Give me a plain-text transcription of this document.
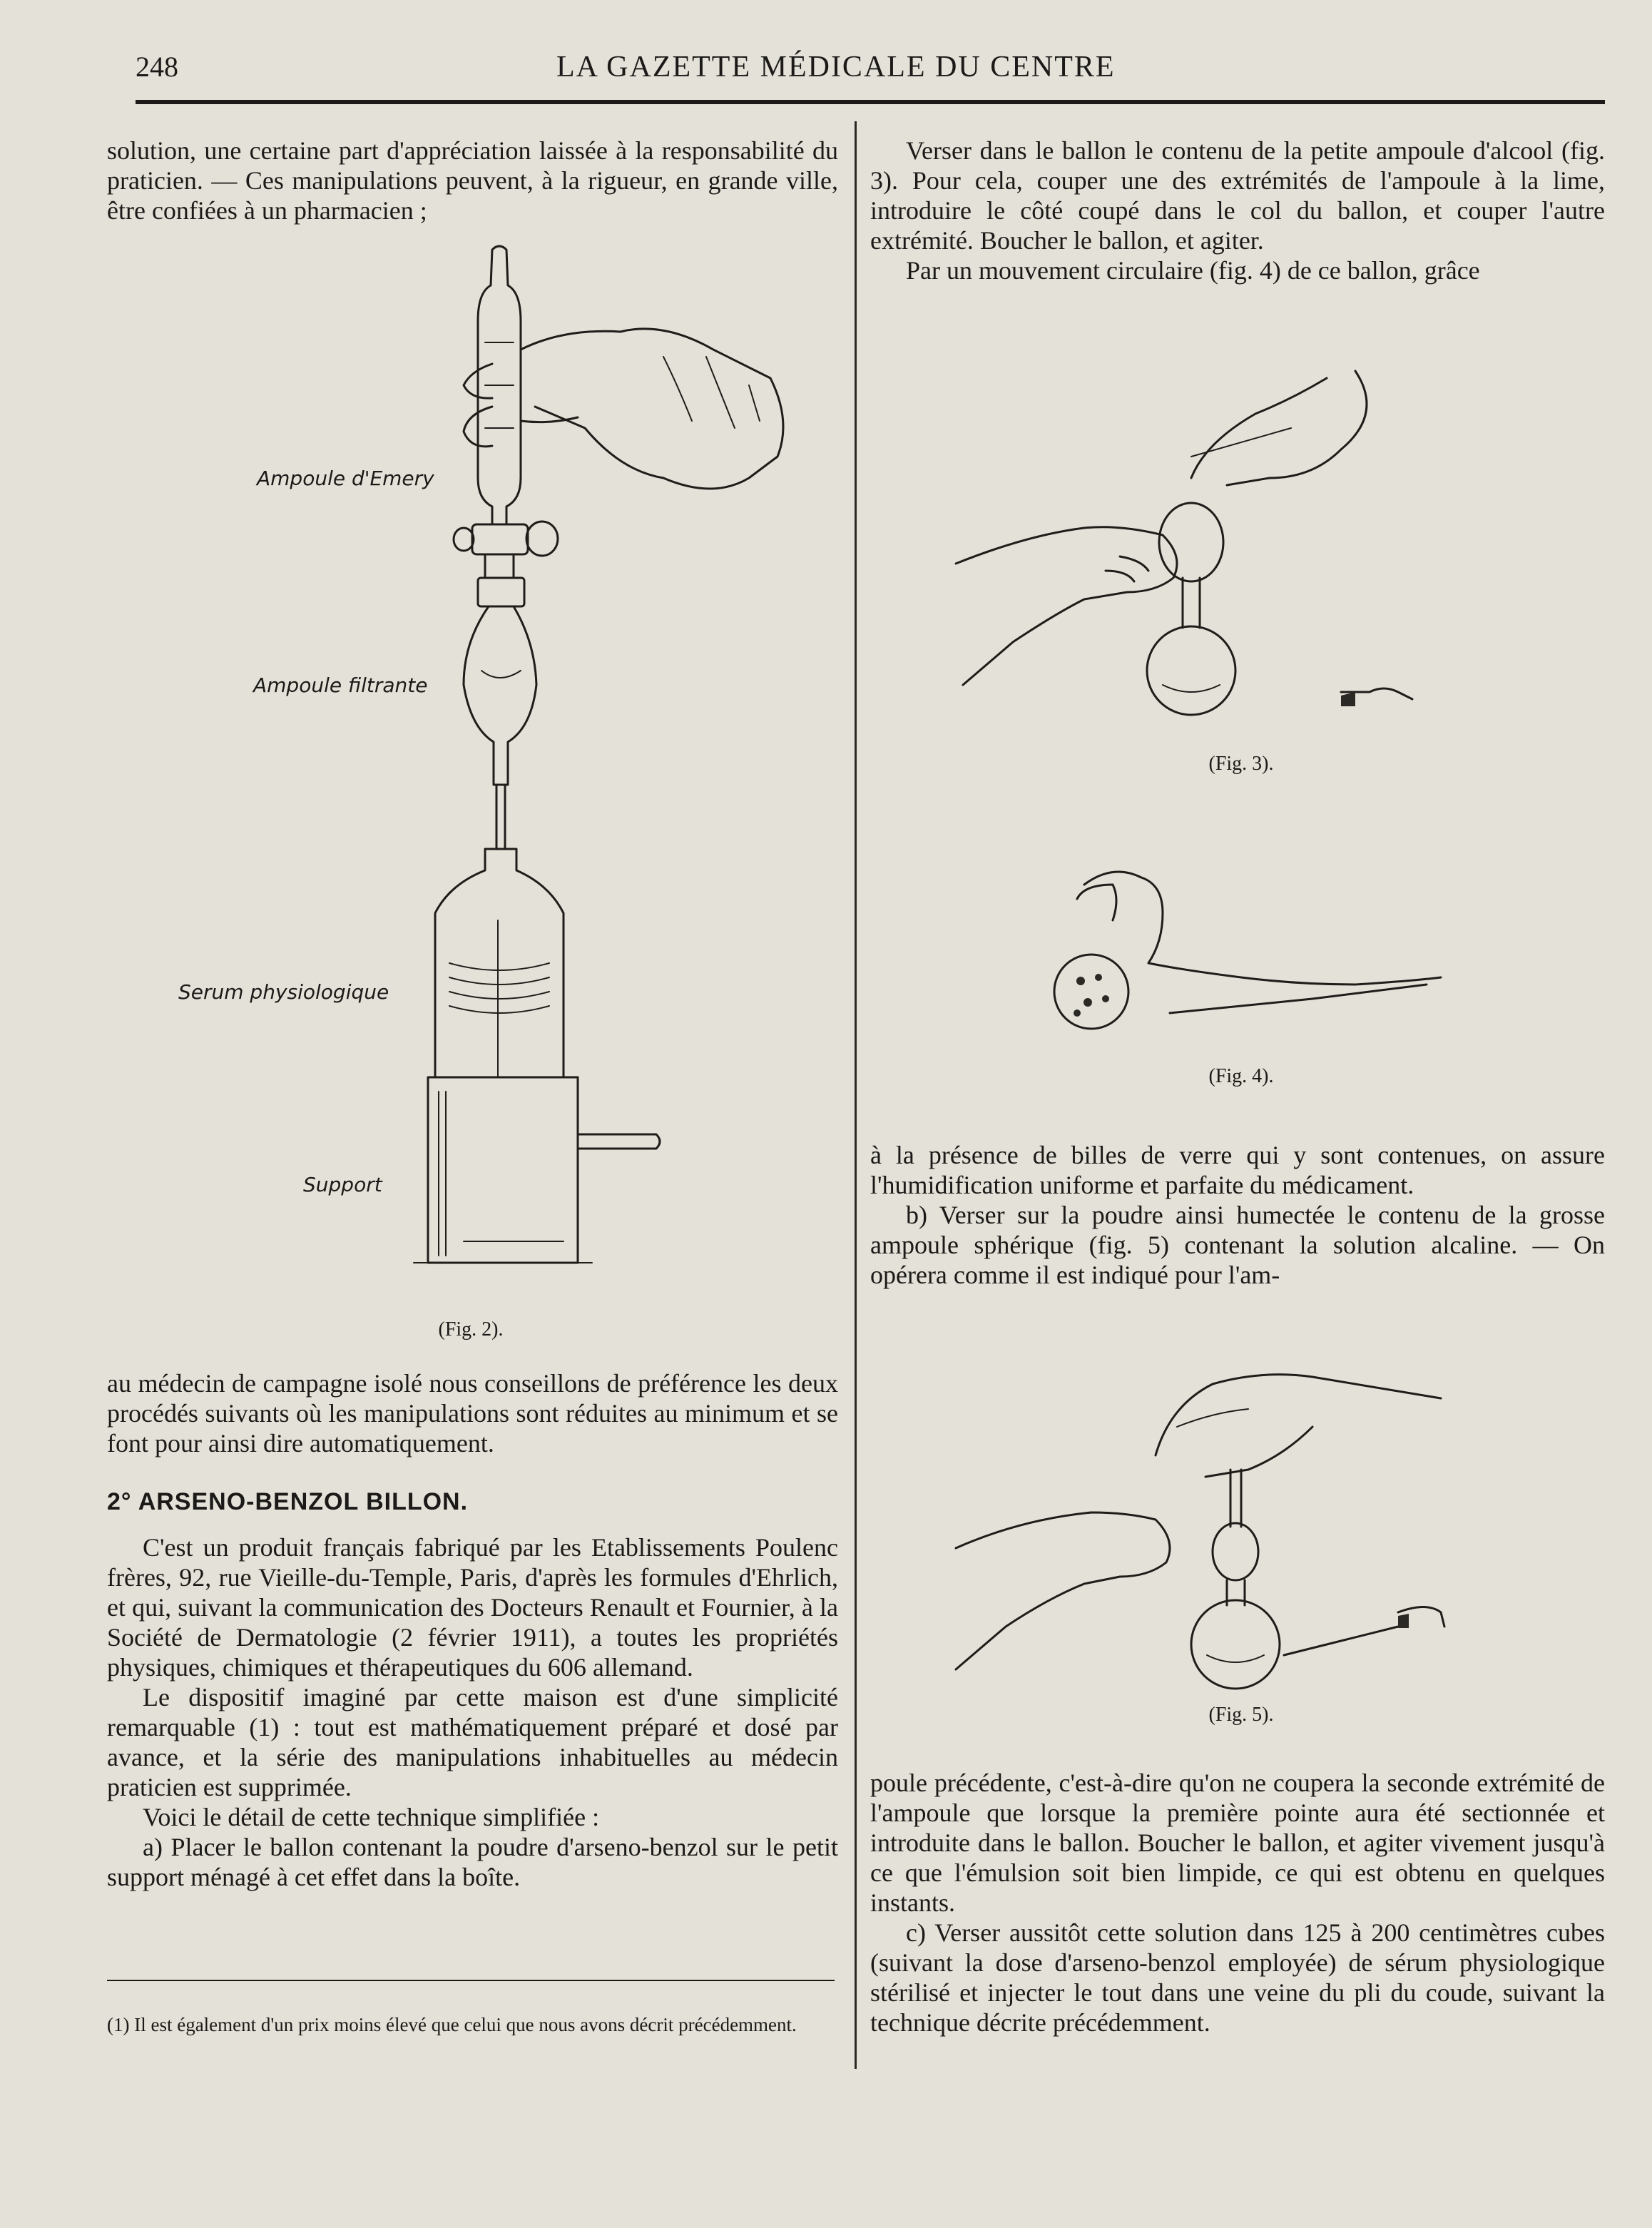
248	LA GAZETTE MÉDICALE DU CENTRE

solution, une certaine part d'appréciation laissée à la responsabilité du praticien. — Ces manipulations peuvent, à la rigueur, en grande ville, être confiées à un pharmacien ;

Ampoule d'Emery
Ampoule filtrante
Serum physiologique
Support
(Fig. 2).

au médecin de campagne isolé nous conseillons de préférence les deux procédés suivants où les manipulations sont réduites au minimum et se font pour ainsi dire automatiquement.

2° ARSENO-BENZOL BILLON.

C'est un produit français fabriqué par les Etablissements Poulenc frères, 92, rue Vieille-du-Temple, Paris, d'après les formules d'Ehrlich, et qui, suivant la communication des Docteurs Renault et Fournier, à la Société de Dermatologie (2 février 1911), a toutes les propriétés physiques, chimiques et thérapeutiques du 606 allemand.

Le dispositif imaginé par cette maison est d'une simplicité remarquable (1) : tout est mathématiquement préparé et dosé par avance, et la série des manipulations inhabituelles au médecin praticien est supprimée.

Voici le détail de cette technique simplifiée :

a) Placer le ballon contenant la poudre d'arseno-benzol sur le petit support ménagé à cet effet dans la boîte.

(1) Il est également d'un prix moins élevé que celui que nous avons décrit précédemment.

Verser dans le ballon le contenu de la petite ampoule d'alcool (fig. 3). Pour cela, couper une des extrémités de l'ampoule à la lime, introduire le côté coupé dans le col du ballon, et couper l'autre extrémité. Boucher le ballon, et agiter.

Par un mouvement circulaire (fig. 4) de ce ballon, grâce

(Fig. 3).
(Fig. 4).

à la présence de billes de verre qui y sont contenues, on assure l'humidification uniforme et parfaite du médicament.

b) Verser sur la poudre ainsi humectée le contenu de la grosse ampoule sphérique (fig. 5) contenant la solution alcaline. — On opérera comme il est indiqué pour l'am-

(Fig. 5).

poule précédente, c'est-à-dire qu'on ne coupera la seconde extrémité de l'ampoule que lorsque la première pointe aura été sectionnée et introduite dans le ballon. Boucher le ballon, et agiter vivement jusqu'à ce que l'émulsion soit bien limpide, ce qui est obtenu en quelques instants.

c) Verser aussitôt cette solution dans 125 à 200 centimètres cubes (suivant la dose d'arseno-benzol employée) de sérum physiologique stérilisé et injecter le tout dans une veine du pli du coude, suivant la technique décrite précédemment.
